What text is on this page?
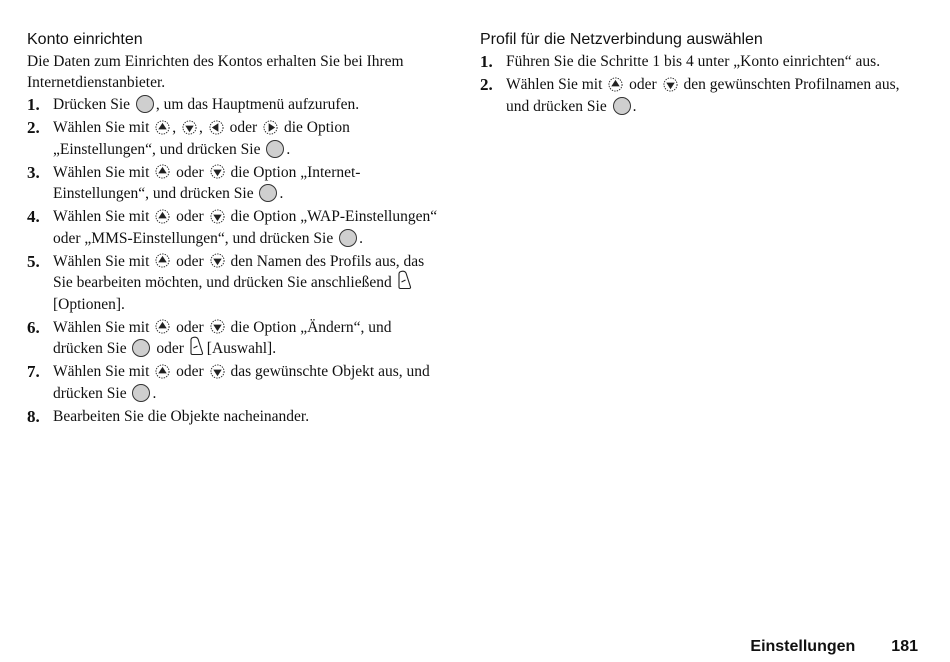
Konto einrichten
Die Daten zum Einrichten des Kontos erhalten Sie bei Ihrem Internetdienstanbieter.
1. Drücken Sie , um das Hauptmenü aufzurufen.
2. Wählen Sie mit , , oder die Option „Einstellungen“, und drücken Sie .
3. Wählen Sie mit oder die Option „Internet-Einstellungen“, und drücken Sie .
4. Wählen Sie mit oder die Option „WAP-Einstellungen“ oder „MMS-Einstellungen“, und drücken Sie .
5. Wählen Sie mit oder den Namen des Profils aus, das Sie bearbeiten möchten, und drücken Sie anschließend [Optionen].
6. Wählen Sie mit oder die Option „Ändern“, und drücken Sie oder [Auswahl].
7. Wählen Sie mit oder das gewünschte Objekt aus, und drücken Sie .
8. Bearbeiten Sie die Objekte nacheinander.
Profil für die Netzverbindung auswählen
1. Führen Sie die Schritte 1 bis 4 unter „Konto einrichten“ aus.
2. Wählen Sie mit oder den gewünschten Profilnamen aus, und drücken Sie .
Einstellungen 181
